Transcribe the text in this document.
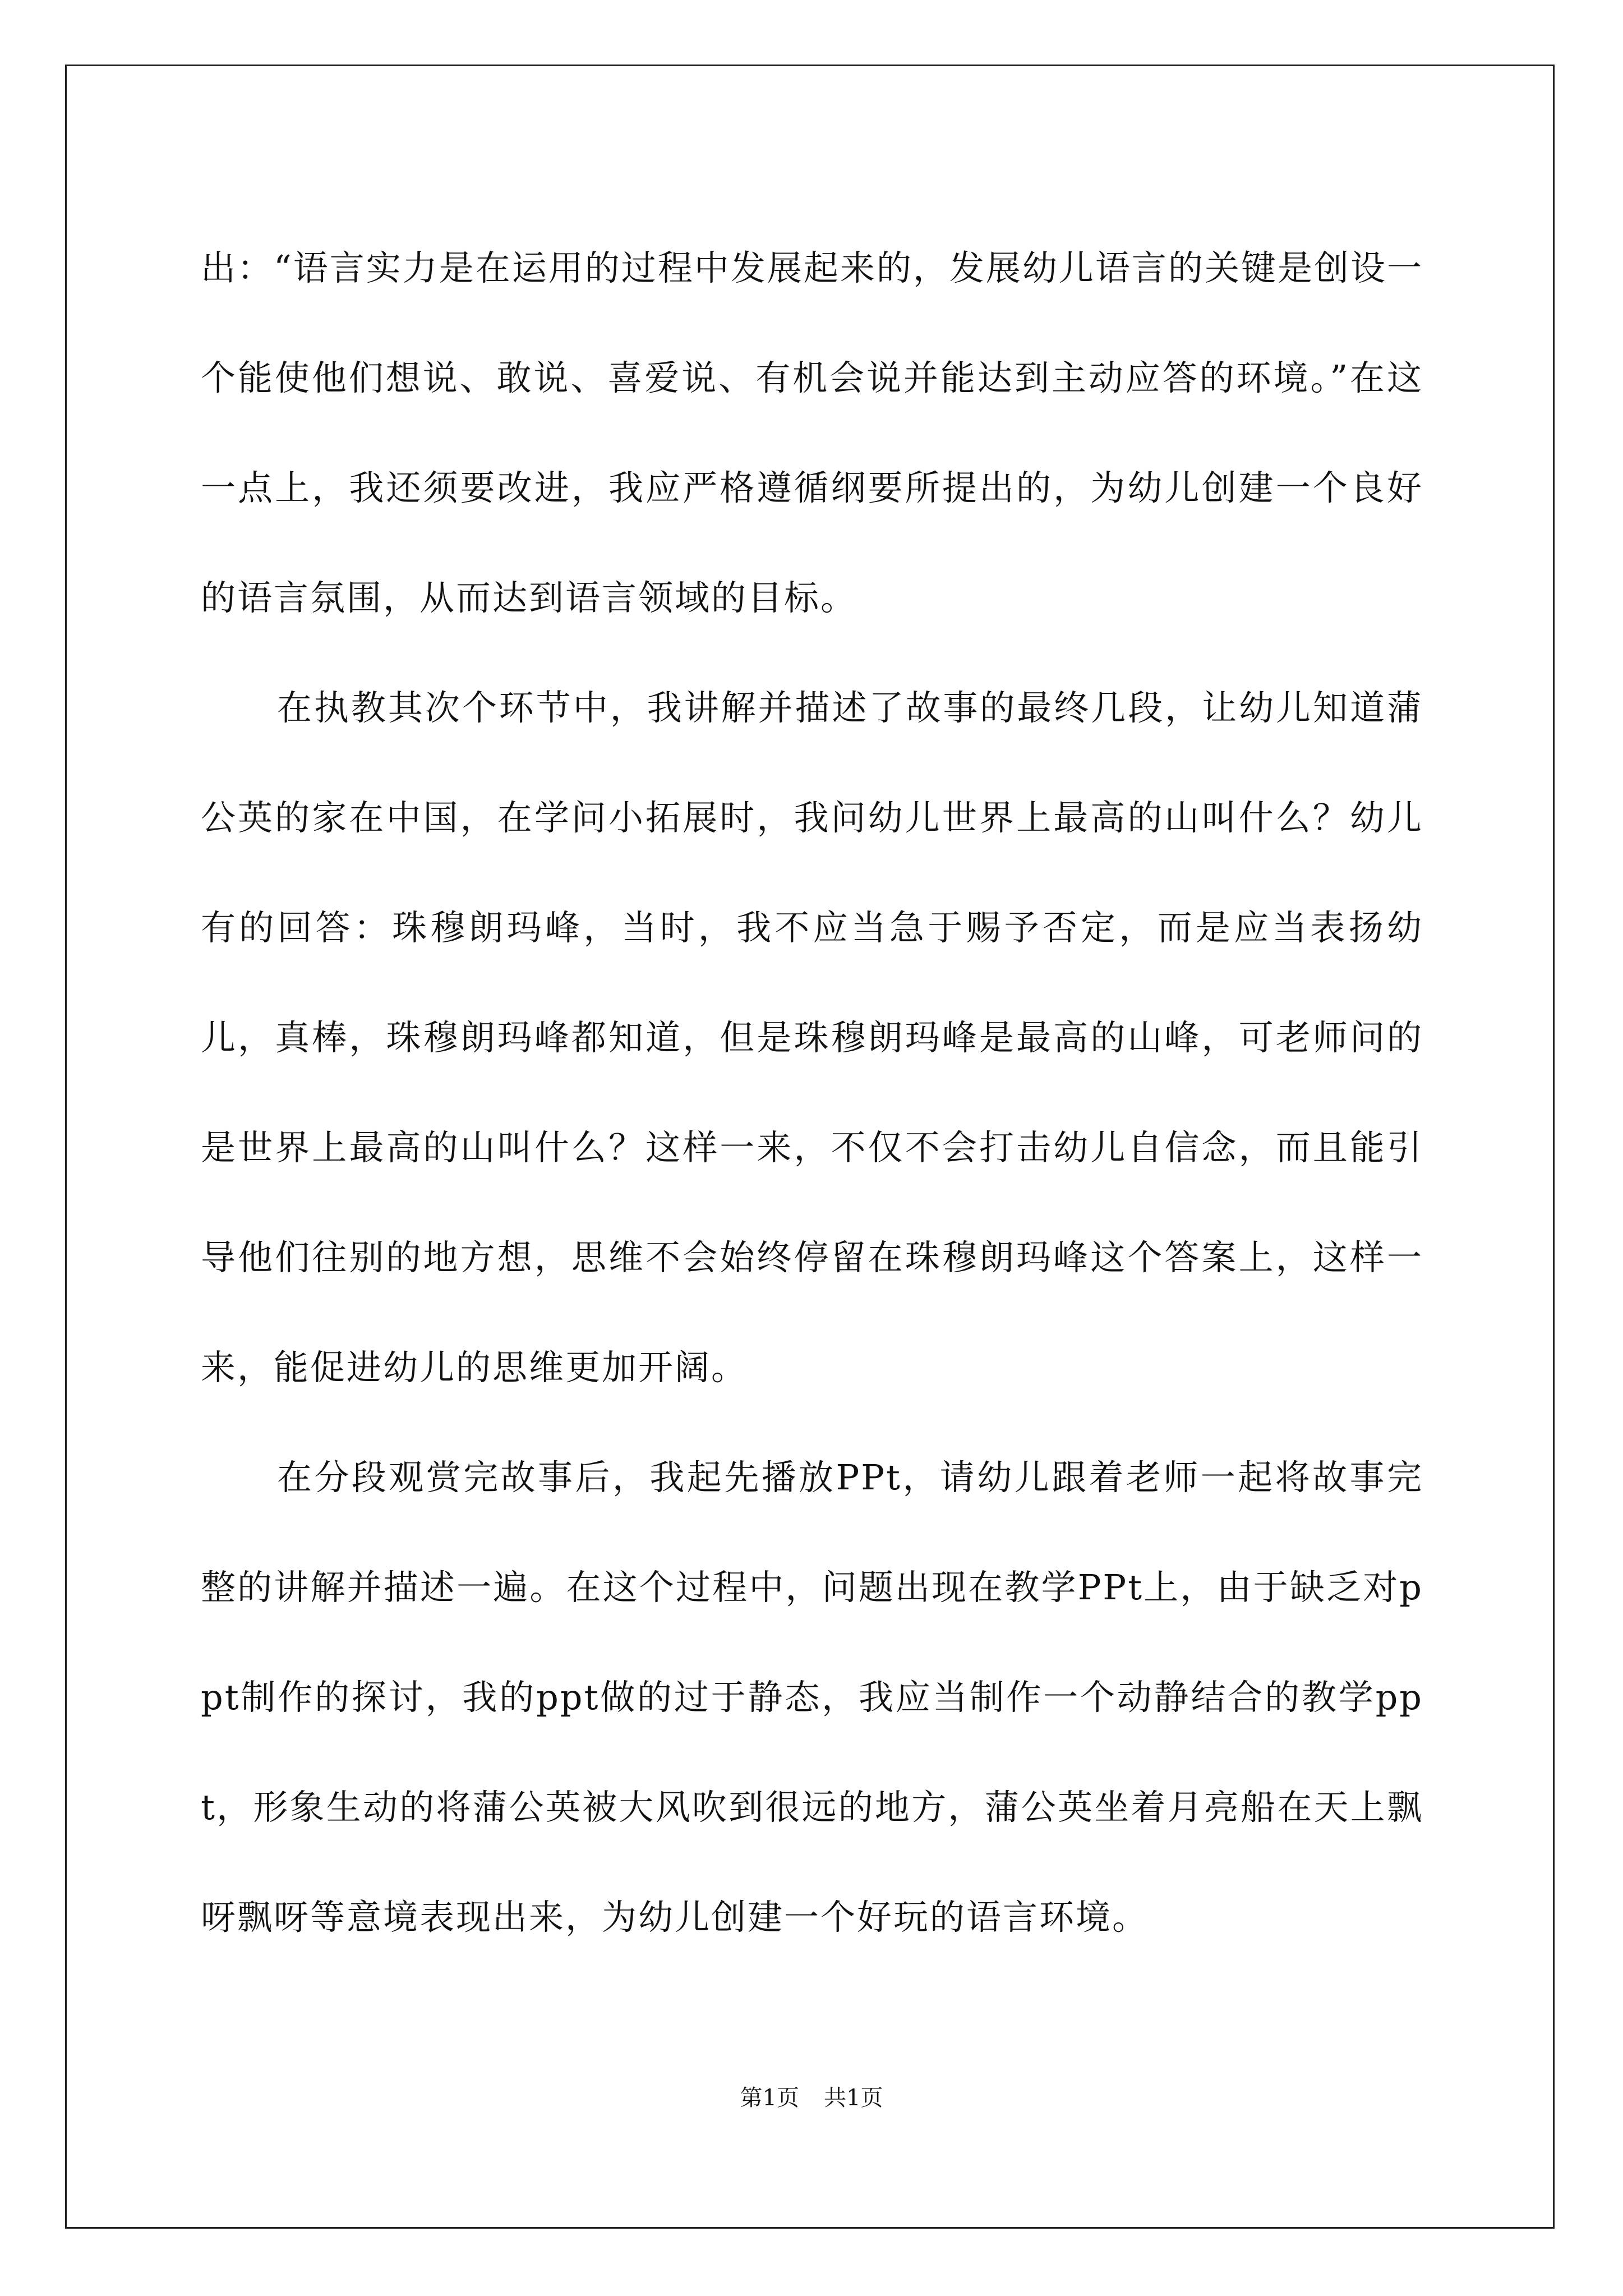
出：“语言实力是在运用的过程中发展起来的，发展幼儿语言的关键是创设一个能使他们想说、敢说、喜爱说、有机会说并能达到主动应答的环境。”在这一点上，我还须要改进，我应严格遵循纲要所提出的，为幼儿创建一个良好的语言氛围，从而达到语言领域的目标。

在执教其次个环节中，我讲解并描述了故事的最终几段，让幼儿知道蒲公英的家在中国，在学问小拓展时，我问幼儿世界上最高的山叫什么？幼儿有的回答：珠穆朗玛峰，当时，我不应当急于赐予否定，而是应当表扬幼儿，真棒，珠穆朗玛峰都知道，但是珠穆朗玛峰是最高的山峰，可老师问的是世界上最高的山叫什么？这样一来，不仅不会打击幼儿自信念，而且能引导他们往别的地方想，思维不会始终停留在珠穆朗玛峰这个答案上，这样一来，能促进幼儿的思维更加开阔。

在分段观赏完故事后，我起先播放PPt，请幼儿跟着老师一起将故事完整的讲解并描述一遍。在这个过程中，问题出现在教学PPt上，由于缺乏对ppt制作的探讨，我的ppt做的过于静态，我应当制作一个动静结合的教学ppt，形象生动的将蒲公英被大风吹到很远的地方，蒲公英坐着月亮船在天上飘呀飘呀等意境表现出来，为幼儿创建一个好玩的语言环境。

第1页 共1页
